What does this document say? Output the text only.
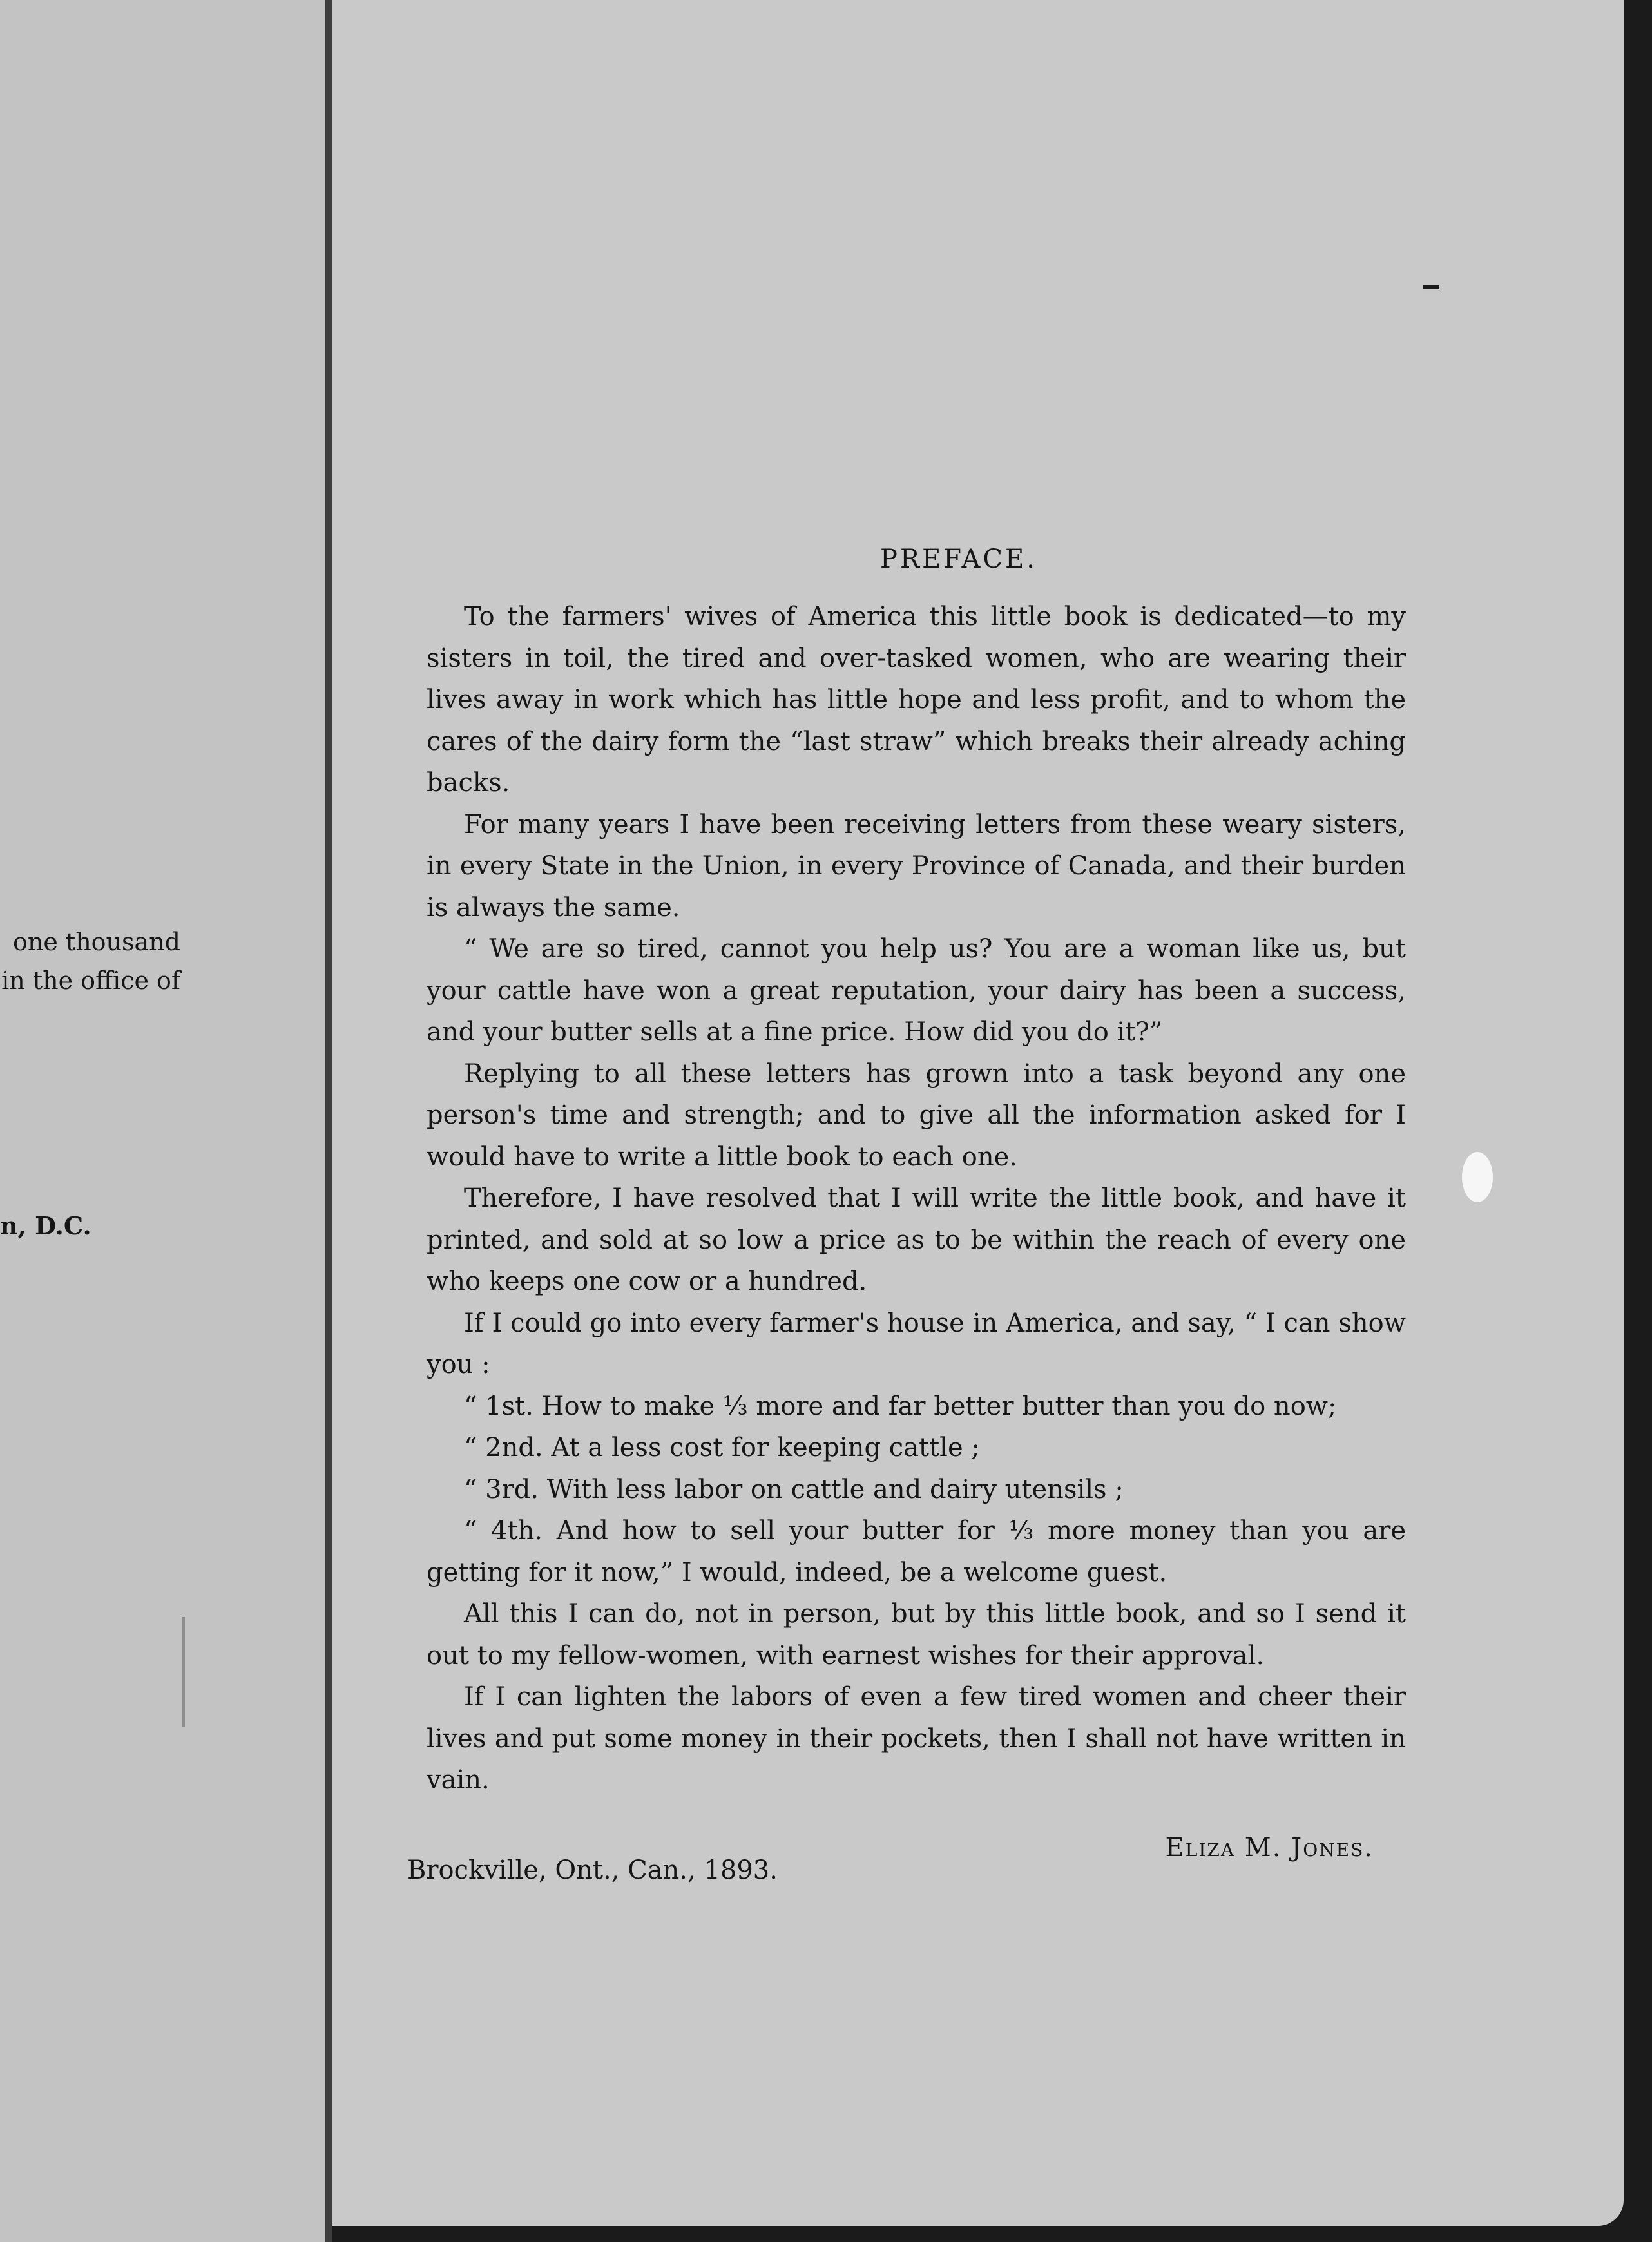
one thousand
in the office of
n, D.C.
PREFACE.

To the farmers' wives of America this little book is dedicated—to my sisters in toil, the tired and over-tasked women, who are wearing their lives away in work which has little hope and less profit, and to whom the cares of the dairy form the “last straw” which breaks their already aching backs.

For many years I have been receiving letters from these weary sisters, in every State in the Union, in every Province of Canada, and their burden is always the same.

“ We are so tired, cannot you help us? You are a woman like us, but your cattle have won a great reputation, your dairy has been a success, and your butter sells at a fine price. How did you do it?”

Replying to all these letters has grown into a task beyond any one person's time and strength; and to give all the information asked for I would have to write a little book to each one.

Therefore, I have resolved that I will write the little book, and have it printed, and sold at so low a price as to be within the reach of every one who keeps one cow or a hundred.

If I could go into every farmer's house in America, and say, “ I can show you :

“ 1st. How to make ⅓ more and far better butter than you do now;

“ 2nd. At a less cost for keeping cattle ;

“ 3rd. With less labor on cattle and dairy utensils ;

“ 4th. And how to sell your butter for ⅓ more money than you are getting for it now,” I would, indeed, be a welcome guest.

All this I can do, not in person, but by this little book, and so I send it out to my fellow-women, with earnest wishes for their approval.

If I can lighten the labors of even a few tired women and cheer their lives and put some money in their pockets, then I shall not have written in vain.

Brockville, Ont., Can., 1893.
Eliza M. Jones.
